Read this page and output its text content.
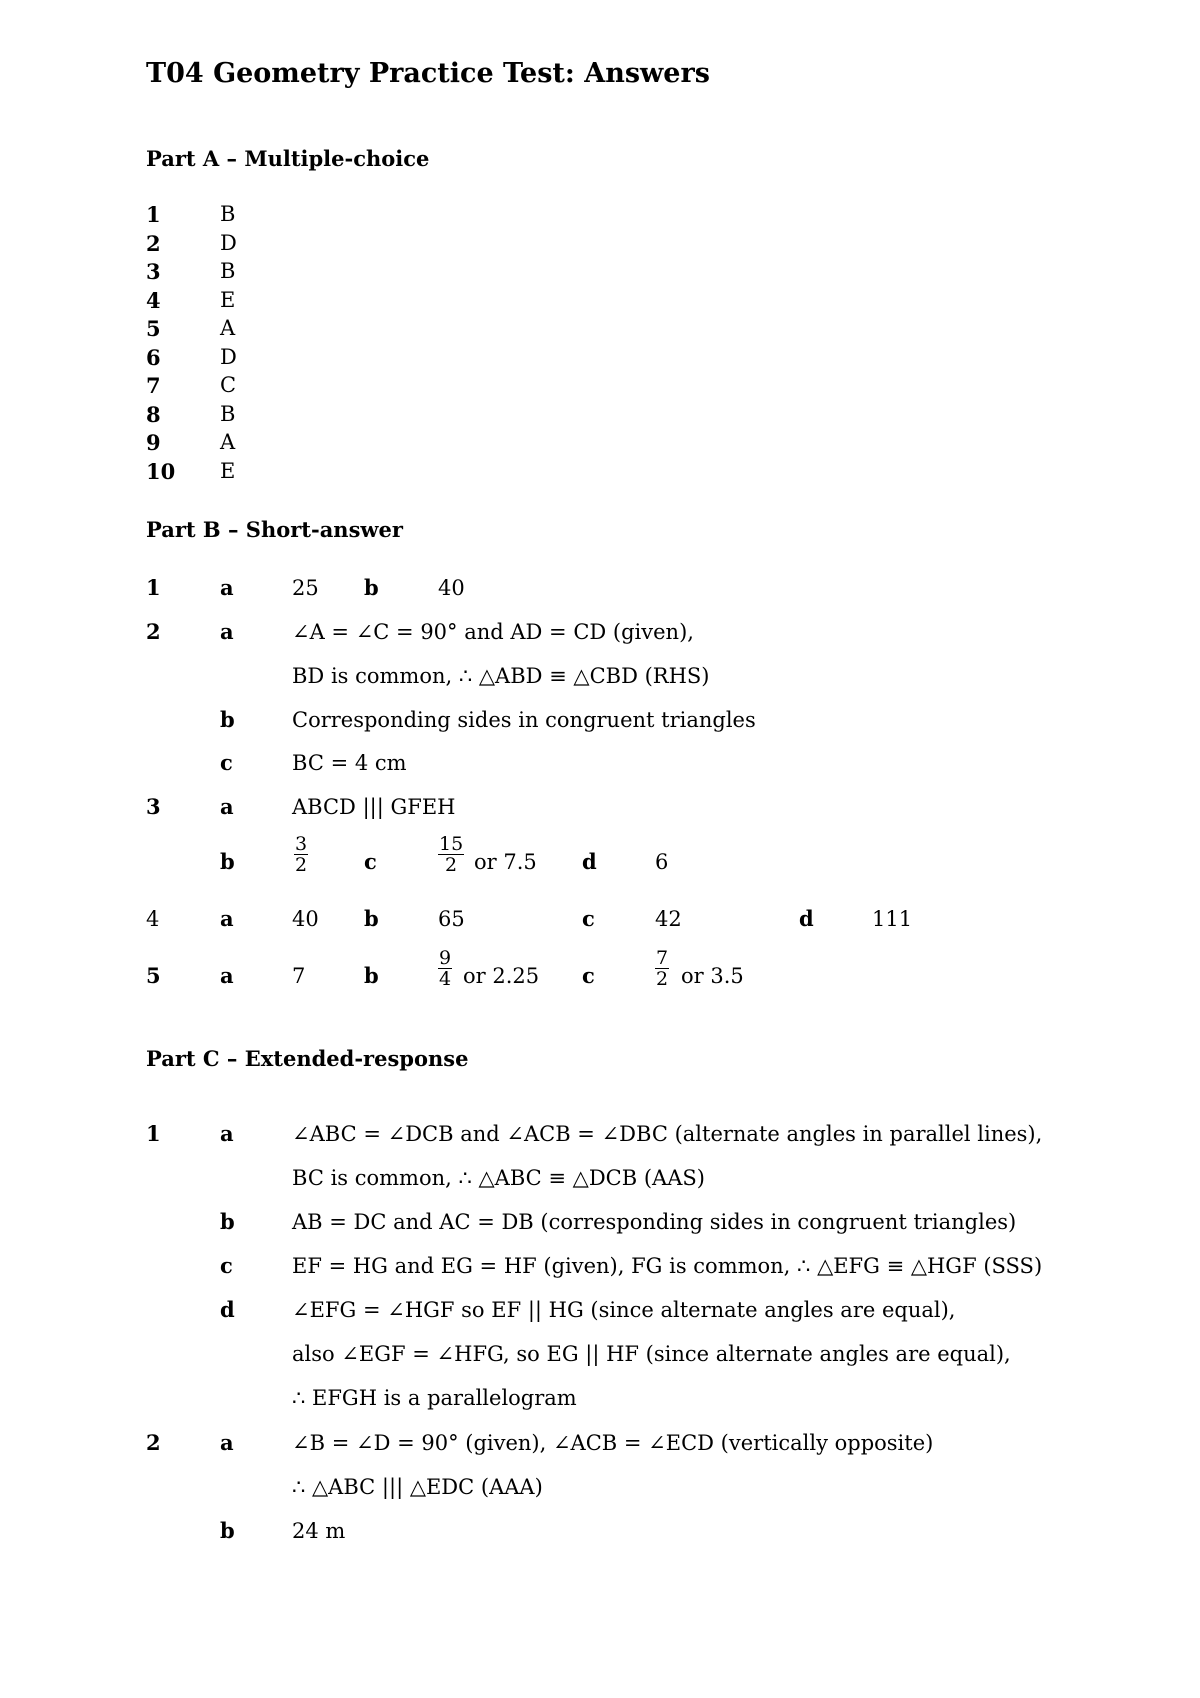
T04 Geometry Practice Test: Answers
Part A – Multiple-choice
1	B
2	D
3	B
4	E
5	A
6	D
7	C
8	B
9	A
10 E
Part B – Short-answer
1	a	25 b	40
2	a	∠A = ∠C = 90° and AD = CD (given),
BD is common, ∴ △ABD ≡ △CBD (RHS)
b	Corresponding sides in congruent triangles
c	BC = 4 cm
3	a	ABCD ||| GFEH
b	$\frac{3}{2}$	c	$\frac{15}{2}$ or 7.5 d	6
4	a	40 b	65	c	42	d	111
5	a	7	b	$\frac{9}{4}$ or 2.25 c	$\frac{7}{2}$ or 3.5
Part C – Extended-response
1	a	∠ABC = ∠DCB and ∠ACB = ∠DBC (alternate angles in parallel lines),
BC is common, ∴ △ABC ≡ △DCB (AAS)
b	AB = DC and AC = DB (corresponding sides in congruent triangles)
c	EF = HG and EG = HF (given), FG is common, ∴ △EFG ≡ △HGF (SSS)
d	∠EFG = ∠HGF so EF || HG (since alternate angles are equal),
also ∠EGF = ∠HFG, so EG || HF (since alternate angles are equal),
∴ EFGH is a parallelogram
2	a	∠B = ∠D = 90° (given), ∠ACB = ∠ECD (vertically opposite)
∴ △ABC ||| △EDC (AAA)
b	24 m
